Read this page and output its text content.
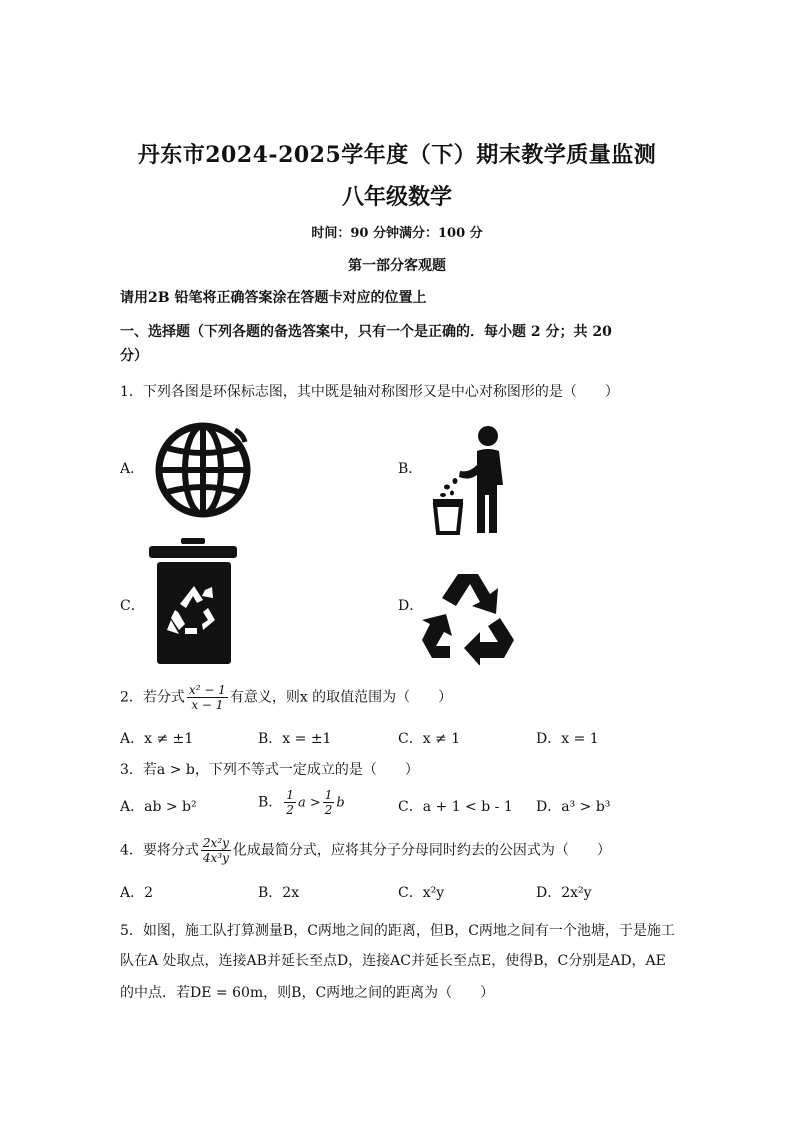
丹东市2024-2025学年度（下）期末教学质量监测
八年级数学
时间：90 分钟满分：100 分
第一部分客观题
请用2B 铅笔将正确答案涂在答题卡对应的位置上
一、选择题（下列各题的备选答案中，只有一个是正确的．每小题 2 分；共 20
分）
1．下列各图是环保标志图，其中既是轴对称图形又是中心对称图形的是（　　）
A．	B．
C．	D．
2．若分式 $\frac{\text{x² − 1}}{x - 1}$ 有意义，则x 的取值范围为（　　）
A．x ≠ ±1	B．x = ±1	C．x ≠ 1	D．x = 1
3．若a > b，下列不等式一定成立的是（　　）
A．ab > b²	B． $\frac{1}{2}$ $a > \frac{1}{2}$ b	C．a + 1 < b - 1 D．a³ > b³
4．要将分式 $\frac{\text{2x²y}}{\text{4x³y}}$ 化成最简分式，应将其分子分母同时约去的公因式为（　　）
A．2	B．2x	C．x²y	D．2x²y
5．如图，施工队打算测量B，C两地之间的距离，但B，C两地之间有一个池塘，于是施工
队在A 处取点，连接AB并延长至点D，连接AC并延长至点E，使得B，C分别是AD，AE
的中点．若DE = 60m，则B，C两地之间的距离为（　　）
